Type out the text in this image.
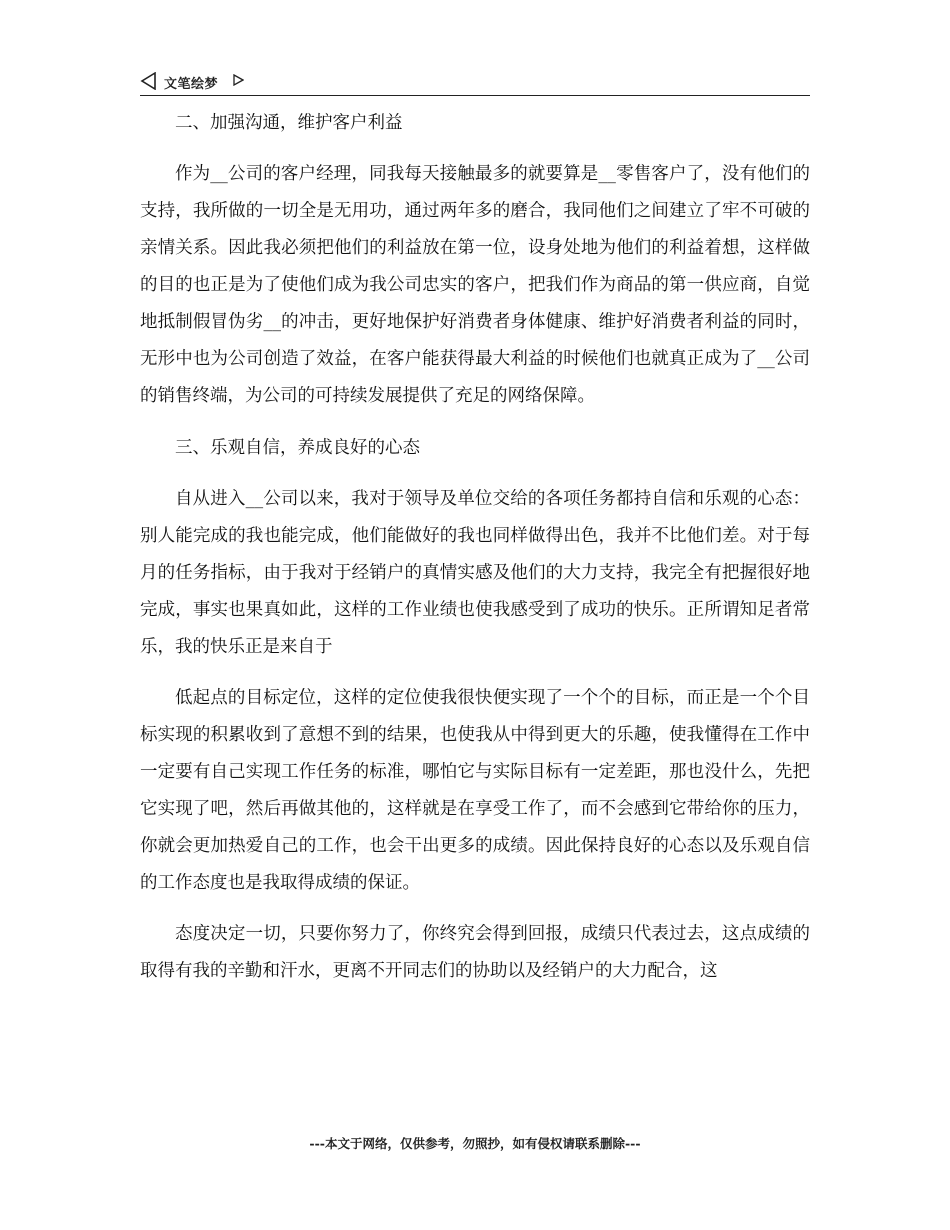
文笔绘梦
二、加强沟通，维护客户利益

作为__公司的客户经理，同我每天接触最多的就要算是__零售客户了，没有他们的支持，我所做的一切全是无用功，通过两年多的磨合，我同他们之间建立了牢不可破的亲情关系。因此我必须把他们的利益放在第一位，设身处地为他们的利益着想，这样做的目的也正是为了使他们成为我公司忠实的客户，把我们作为商品的第一供应商，自觉地抵制假冒伪劣__的冲击，更好地保护好消费者身体健康、维护好消费者利益的同时，无形中也为公司创造了效益，在客户能获得最大利益的时候他们也就真正成为了__公司的销售终端，为公司的可持续发展提供了充足的网络保障。

三、乐观自信，养成良好的心态

自从进入__公司以来，我对于领导及单位交给的各项任务都持自信和乐观的心态：别人能完成的我也能完成，他们能做好的我也同样做得出色，我并不比他们差。对于每月的任务指标，由于我对于经销户的真情实感及他们的大力支持，我完全有把握很好地完成，事实也果真如此，这样的工作业绩也使我感受到了成功的快乐。正所谓知足者常乐，我的快乐正是来自于

低起点的目标定位，这样的定位使我很快便实现了一个个的目标，而正是一个个目标实现的积累收到了意想不到的结果，也使我从中得到更大的乐趣，使我懂得在工作中一定要有自己实现工作任务的标准，哪怕它与实际目标有一定差距，那也没什么，先把它实现了吧，然后再做其他的，这样就是在享受工作了，而不会感到它带给你的压力，你就会更加热爱自己的工作，也会干出更多的成绩。因此保持良好的心态以及乐观自信的工作态度也是我取得成绩的保证。

态度决定一切，只要你努力了，你终究会得到回报，成绩只代表过去，这点成绩的取得有我的辛勤和汗水，更离不开同志们的协助以及经销户的大力配合，这

---本文于网络，仅供参考，勿照抄，如有侵权请联系删除---
